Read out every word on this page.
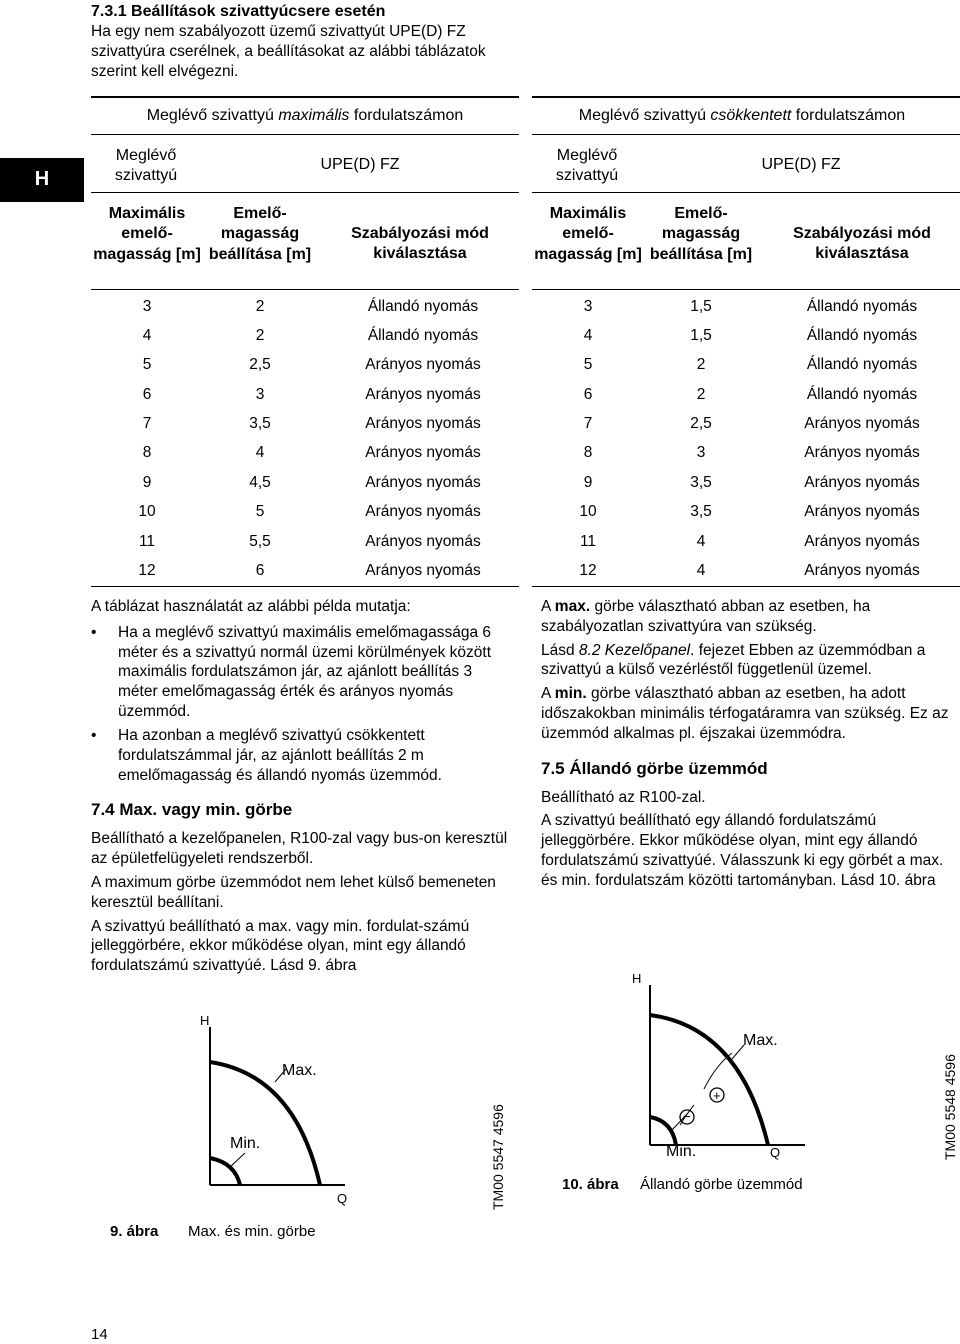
7.3.1 Beállítások szivattyúcsere esetén
Ha egy nem szabályozott üzemű szivattyút UPE(D) FZ szivattyúra cserélnek, a beállításokat az alábbi táblázatok szerint kell elvégezni.
H
Meglévő szivattyú maximális fordulatszámon
Meglévő szivattyú
UPE(D) FZ
Maximális emelő- magasság [m]
Emelő- magasság beállítása [m]
Szabályozási mód kiválasztása
3	2	Állandó nyomás
4	2	Állandó nyomás
5	2,5	Arányos nyomás
6	3	Arányos nyomás
7	3,5	Arányos nyomás
8	4	Arányos nyomás
9	4,5	Arányos nyomás
10	5	Arányos nyomás
11	5,5	Arányos nyomás
12	6	Arányos nyomás
Meglévő szivattyú csökkentett fordulatszámon
Meglévő szivattyú
UPE(D) FZ
Maximális emelő- magasság [m]
Emelő- magasság beállítása [m]
Szabályozási mód kiválasztása
3	1,5	Állandó nyomás
4	1,5	Állandó nyomás
5	2	Állandó nyomás
6	2	Állandó nyomás
7	2,5	Arányos nyomás
8	3	Arányos nyomás
9	3,5	Arányos nyomás
10	3,5	Arányos nyomás
11	4	Arányos nyomás
12	4	Arányos nyomás

A táblázat használatát az alábbi példa mutatja:

• Ha a meglévő szivattyú maximális emelőmagassága 6 méter és a szivattyú normál üzemi körülmények között maximális fordulatszámon jár, az ajánlott beállítás 3 méter emelőmagasság érték és arányos nyomás üzemmód.
• Ha azonban a meglévő szivattyú csökkentett fordulatszámmal jár, az ajánlott beállítás 2 m emelőmagasság és állandó nyomás üzemmód.
7.4 Max. vagy min. görbe

Beállítható a kezelőpanelen, R100-zal vagy bus-on keresztül az épületfelügyeleti rendszerből.

A maximum görbe üzemmódot nem lehet külső bemeneten keresztül beállítani.

A szivattyú beállítható a max. vagy min. fordulat-számú jelleggörbére, ekkor működése olyan, mint egy állandó fordulatszámú szivattyúé. Lásd 9. ábra

A max. görbe választható abban az esetben, ha szabályozatlan szivattyúra van szükség.

Lásd 8.2 Kezelőpanel. fejezet Ebben az üzemmódban a szivattyú a külső vezérléstől függetlenül üzemel.

A min. görbe választható abban az esetben, ha adott időszakokban minimális térfogatáramra van szükség. Ez az üzemmód alkalmas pl. éjszakai üzemmódra.

7.5 Állandó görbe üzemmód

Beállítható az R100-zal.

A szivattyú beállítható egy állandó fordulatszámú jelleggörbére. Ekkor működése olyan, mint egy állandó fordulatszámú szivattyúé. Válasszunk ki egy görbét a max. és min. fordulatszám közötti tartományban. Lásd 10. ábra

H
Q
Max.
Min.	TM00 5547 4596
9. ábra Max. és min. görbe
+
−
H
Q
Max.
Min.	TM00 5548 4596
10. ábra Állandó görbe üzemmód
14
